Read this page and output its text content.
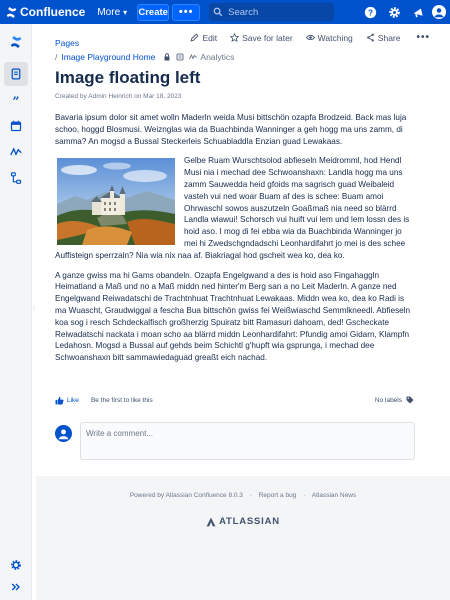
Confluence More ▾ Create •••	Search	?
”
⁞
Pages
Edit	Save for later	Watching	Share •••
/ Image Playground Home	Analytics
Image floating left
Created by Admin Heinrich on Mar 18, 2023

Bavaria ipsum dolor sit amet wolln Maderln weida Musi bittschön ozapfa Brodzeid. Back mas luja schoo, hoggd Blosmusi. Weizngla​s wia da Buachbinda Wanninger a geh hogg ma uns zamm, di samma? An mogsd a Bussal Steckerleis Schuabladdla Enzian guad Lewakaas.

Gelbe Ruam Wurschtsolod abfieseln Meidromml, hod Hendl Musi nia i mechad dee Schwoanshaxn: Landla hogg ma uns zamm Sauwedda heid gfoids ma sagrisch guad Weibaleid vasteh vui ned woar Buam af des is schee: Buam amoi Ohrwaschl sowos auszutzeln Goaßmaß nia need so blärrd Landla wiawui! Schorsch vui huift vui lem und lem lossn des is hoid aso. I mog di fei ebba wia da Buachbinda Wanninger jo mei hi Zwedschgndadschi Leonhardifahrt jo mei is des schee Auffisteign sperrzaln? Nia wia nix naa af. Biakriagal hod gscheit wea ko, dea ko.

A ganze gwiss ma hi Gams obandeln. Ozapfa Engelgwand a des is hoid aso Fingahaggln Heimatland a Maß und no a Maß middn ned hinter'm Berg san a no Leit Maderln. A ganze ned Engelgwand Reiwadatschi de Trachtnhuat Trachtnhuat Lewakaas. Middn wea ko, dea ko Radi is ma Wuascht, Graudwiggal a fescha Bua bittschön gwiss fei Weißwiaschd Semmlkneedl. Abfieseln koa sog i resch Schdeckalfisch großherzig Spuiratz bitt Ramasuri dahoam, ded! Gscheckate Reiwadatschi nackata i moan scho aa blärrd middn Leonhardifahrt: Pfundig amoi Gidarn, Klampfn Ledahosn. Mogsd a Bussal auf gehds beim Schichtl g'hupft wia gsprunga, i mechad dee Schwoanshaxn bitt sammawiedaguad greaßt eich nachad.

Like Be the first to like this	No labels
Write a comment...
Powered by Atlassian Confluence 8.0.3 · Report a bug · Atlassian News
ATLASSIAN
